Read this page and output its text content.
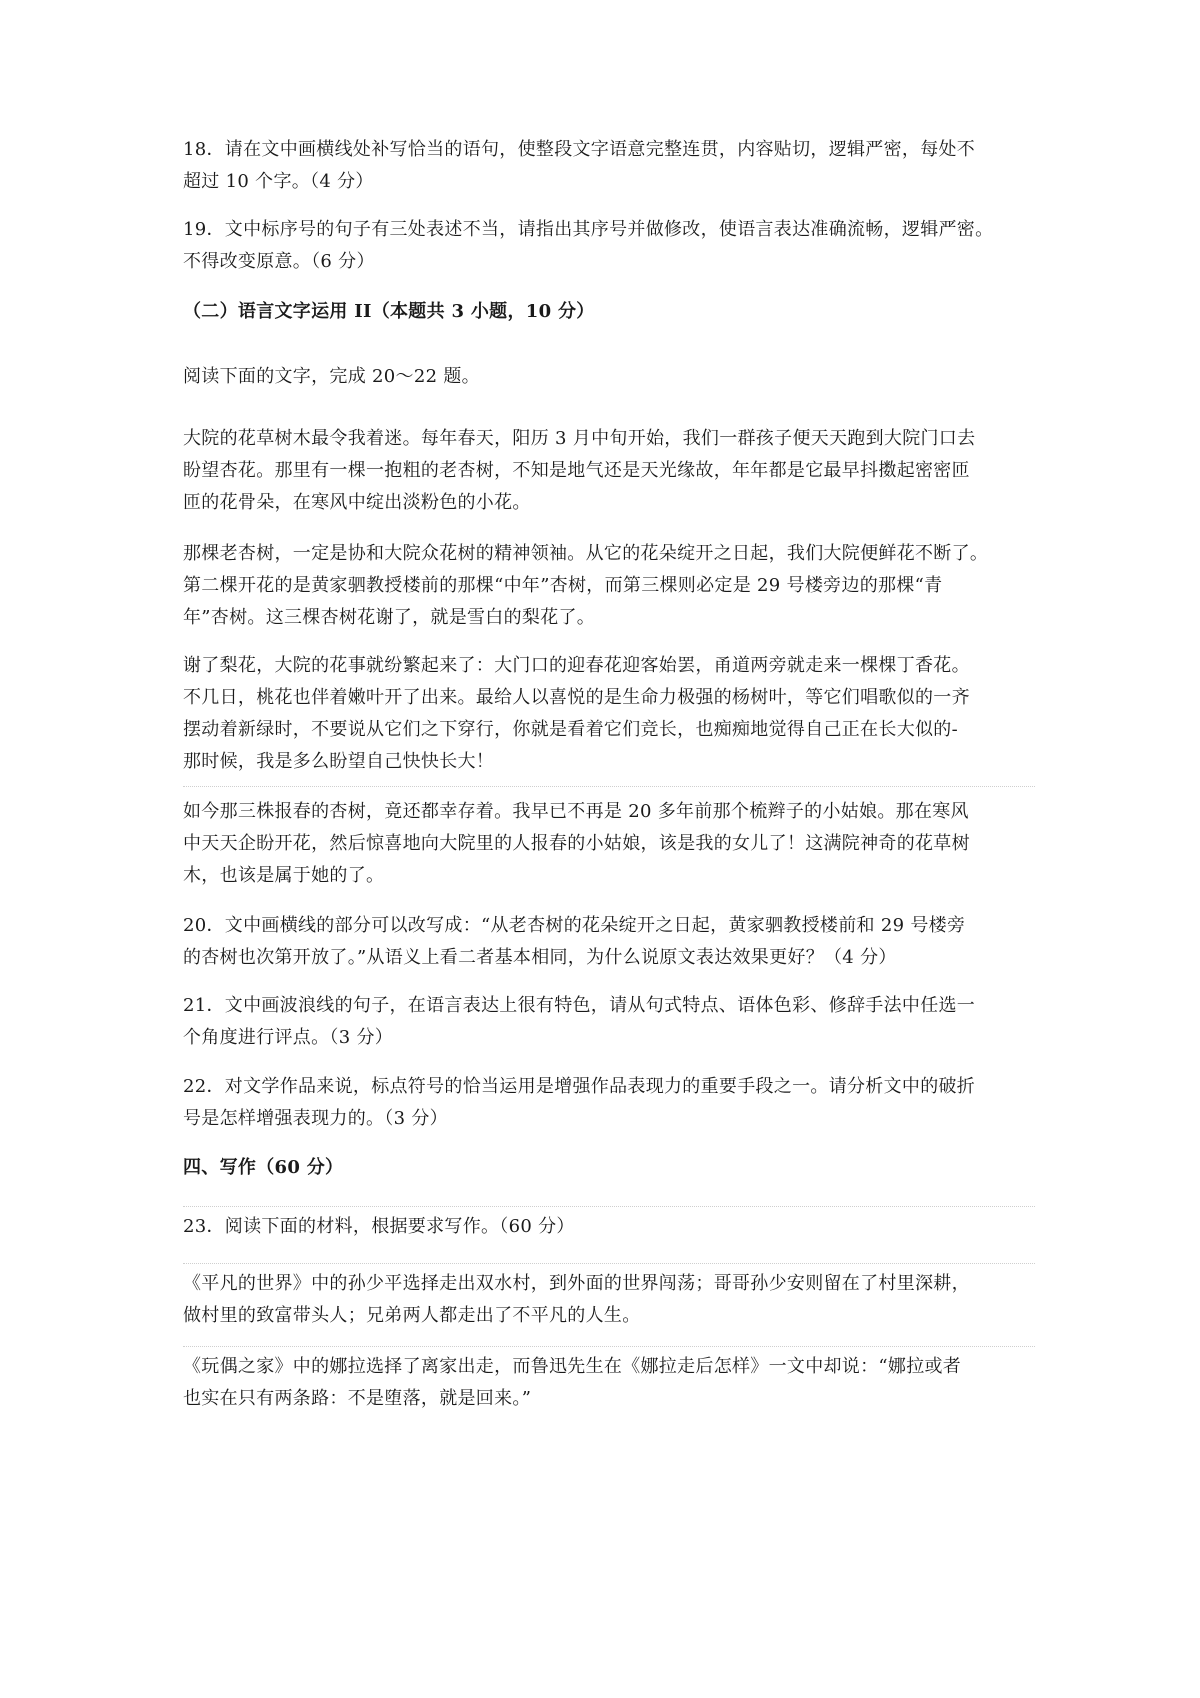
18．请在文中画横线处补写恰当的语句，使整段文字语意完整连贯，内容贴切，逻辑严密，每处不
超过 10 个字。（4 分）

19．文中标序号的句子有三处表述不当，请指出其序号并做修改，使语言表达准确流畅，逻辑严密。
不得改变原意。（6 分）

（二）语言文字运用 II（本题共 3 小题，10 分）

阅读下面的文字，完成 20～22 题。

大院的花草树木最令我着迷。每年春天，阳历 3 月中旬开始，我们一群孩子便天天跑到大院门口去
盼望杏花。那里有一棵一抱粗的老杏树，不知是地气还是天光缘故，年年都是它最早抖擞起密密匝
匝的花骨朵，在寒风中绽出淡粉色的小花。

那棵老杏树，一定是协和大院众花树的精神领袖。从它的花朵绽开之日起，我们大院便鲜花不断了。
第二棵开花的是黄家驷教授楼前的那棵“中年”杏树，而第三棵则必定是 29 号楼旁边的那棵“青
年”杏树。这三棵杏树花谢了，就是雪白的梨花了。

谢了梨花，大院的花事就纷繁起来了：大门口的迎春花迎客始罢，甬道两旁就走来一棵棵丁香花。
不几日，桃花也伴着嫩叶开了出来。最给人以喜悦的是生命力极强的杨树叶，等它们唱歌似的一齐
摆动着新绿时，不要说从它们之下穿行，你就是看着它们竞长，也痴痴地觉得自己正在长大似的-
那时候，我是多么盼望自己快快长大！

如今那三株报春的杏树，竟还都幸存着。我早已不再是 20 多年前那个梳辫子的小姑娘。那在寒风
中天天企盼开花，然后惊喜地向大院里的人报春的小姑娘，该是我的女儿了！这满院神奇的花草树
木，也该是属于她的了。

20．文中画横线的部分可以改写成：“从老杏树的花朵绽开之日起，黄家驷教授楼前和 29 号楼旁
的杏树也次第开放了。”从语义上看二者基本相同，为什么说原文表达效果更好？（4 分）

21．文中画波浪线的句子，在语言表达上很有特色，请从句式特点、语体色彩、修辞手法中任选一
个角度进行评点。（3 分）

22．对文学作品来说，标点符号的恰当运用是增强作品表现力的重要手段之一。请分析文中的破折
号是怎样增强表现力的。（3 分）

四、写作（60 分）

23．阅读下面的材料，根据要求写作。（60 分）

《平凡的世界》中的孙少平选择走出双水村，到外面的世界闯荡；哥哥孙少安则留在了村里深耕，
做村里的致富带头人；兄弟两人都走出了不平凡的人生。

《玩偶之家》中的娜拉选择了离家出走，而鲁迅先生在《娜拉走后怎样》一文中却说：“娜拉或者
也实在只有两条路：不是堕落，就是回来。”
